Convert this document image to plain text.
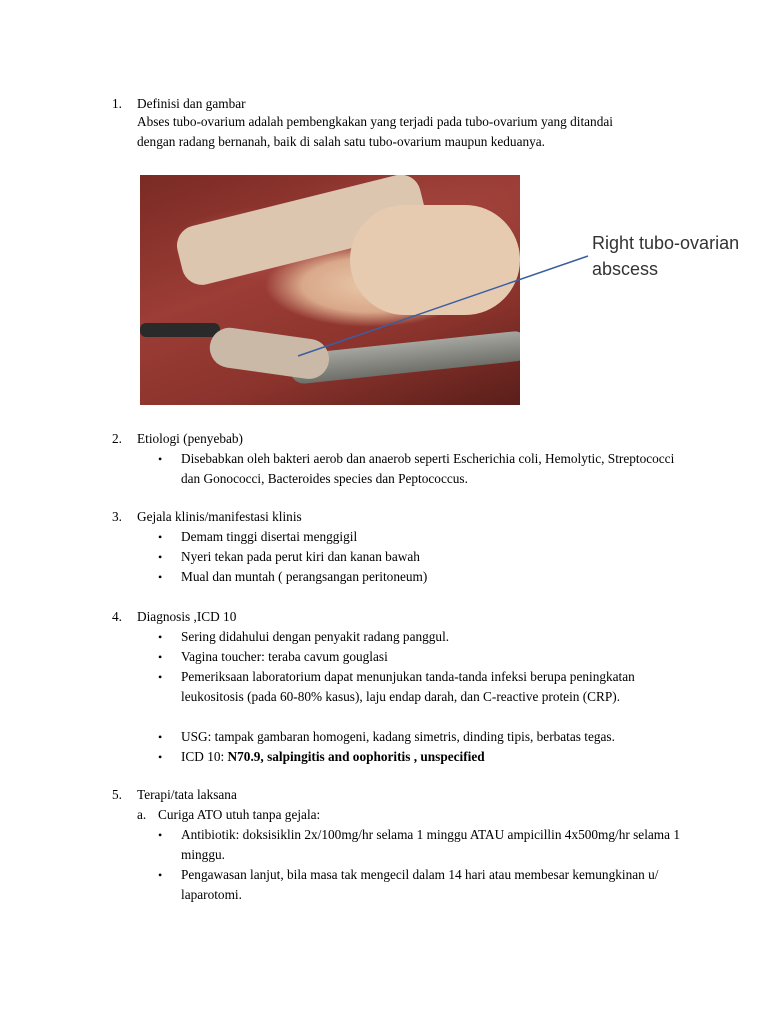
1. Definisi dan gambar
Abses tubo-ovarium adalah pembengkakan yang terjadi pada tubo-ovarium yang ditandai
dengan radang bernanah, baik di salah satu tubo-ovarium maupun keduanya.
Right tubo-ovarian abscess
2. Etiologi (penyebab)
• Disebabkan oleh bakteri aerob dan anaerob seperti Escherichia coli, Hemolytic, Streptococci dan Gonococci, Bacteroides species dan Peptococcus.
3. Gejala klinis/manifestasi klinis
• Demam tinggi disertai menggigil
• Nyeri tekan pada perut kiri dan kanan bawah
• Mual dan muntah ( perangsangan peritoneum)
4. Diagnosis ,ICD 10
• Sering didahului dengan penyakit radang panggul.
• Vagina toucher: teraba cavum gouglasi
• Pemeriksaan laboratorium dapat menunjukan tanda-tanda infeksi berupa peningkatan leukositosis (pada 60-80% kasus), laju endap darah, dan C-reactive protein (CRP).
• USG: tampak gambaran homogeni, kadang simetris, dinding tipis, berbatas tegas.
• ICD 10: N70.9, salpingitis and oophoritis , unspecified
5. Terapi/tata laksana
a. Curiga ATO utuh tanpa gejala:
• Antibiotik: doksisiklin 2x/100mg/hr selama 1 minggu ATAU ampicillin 4x500mg/hr selama 1 minggu.
• Pengawasan lanjut, bila masa tak mengecil dalam 14 hari atau membesar kemungkinan u/ laparotomi.
